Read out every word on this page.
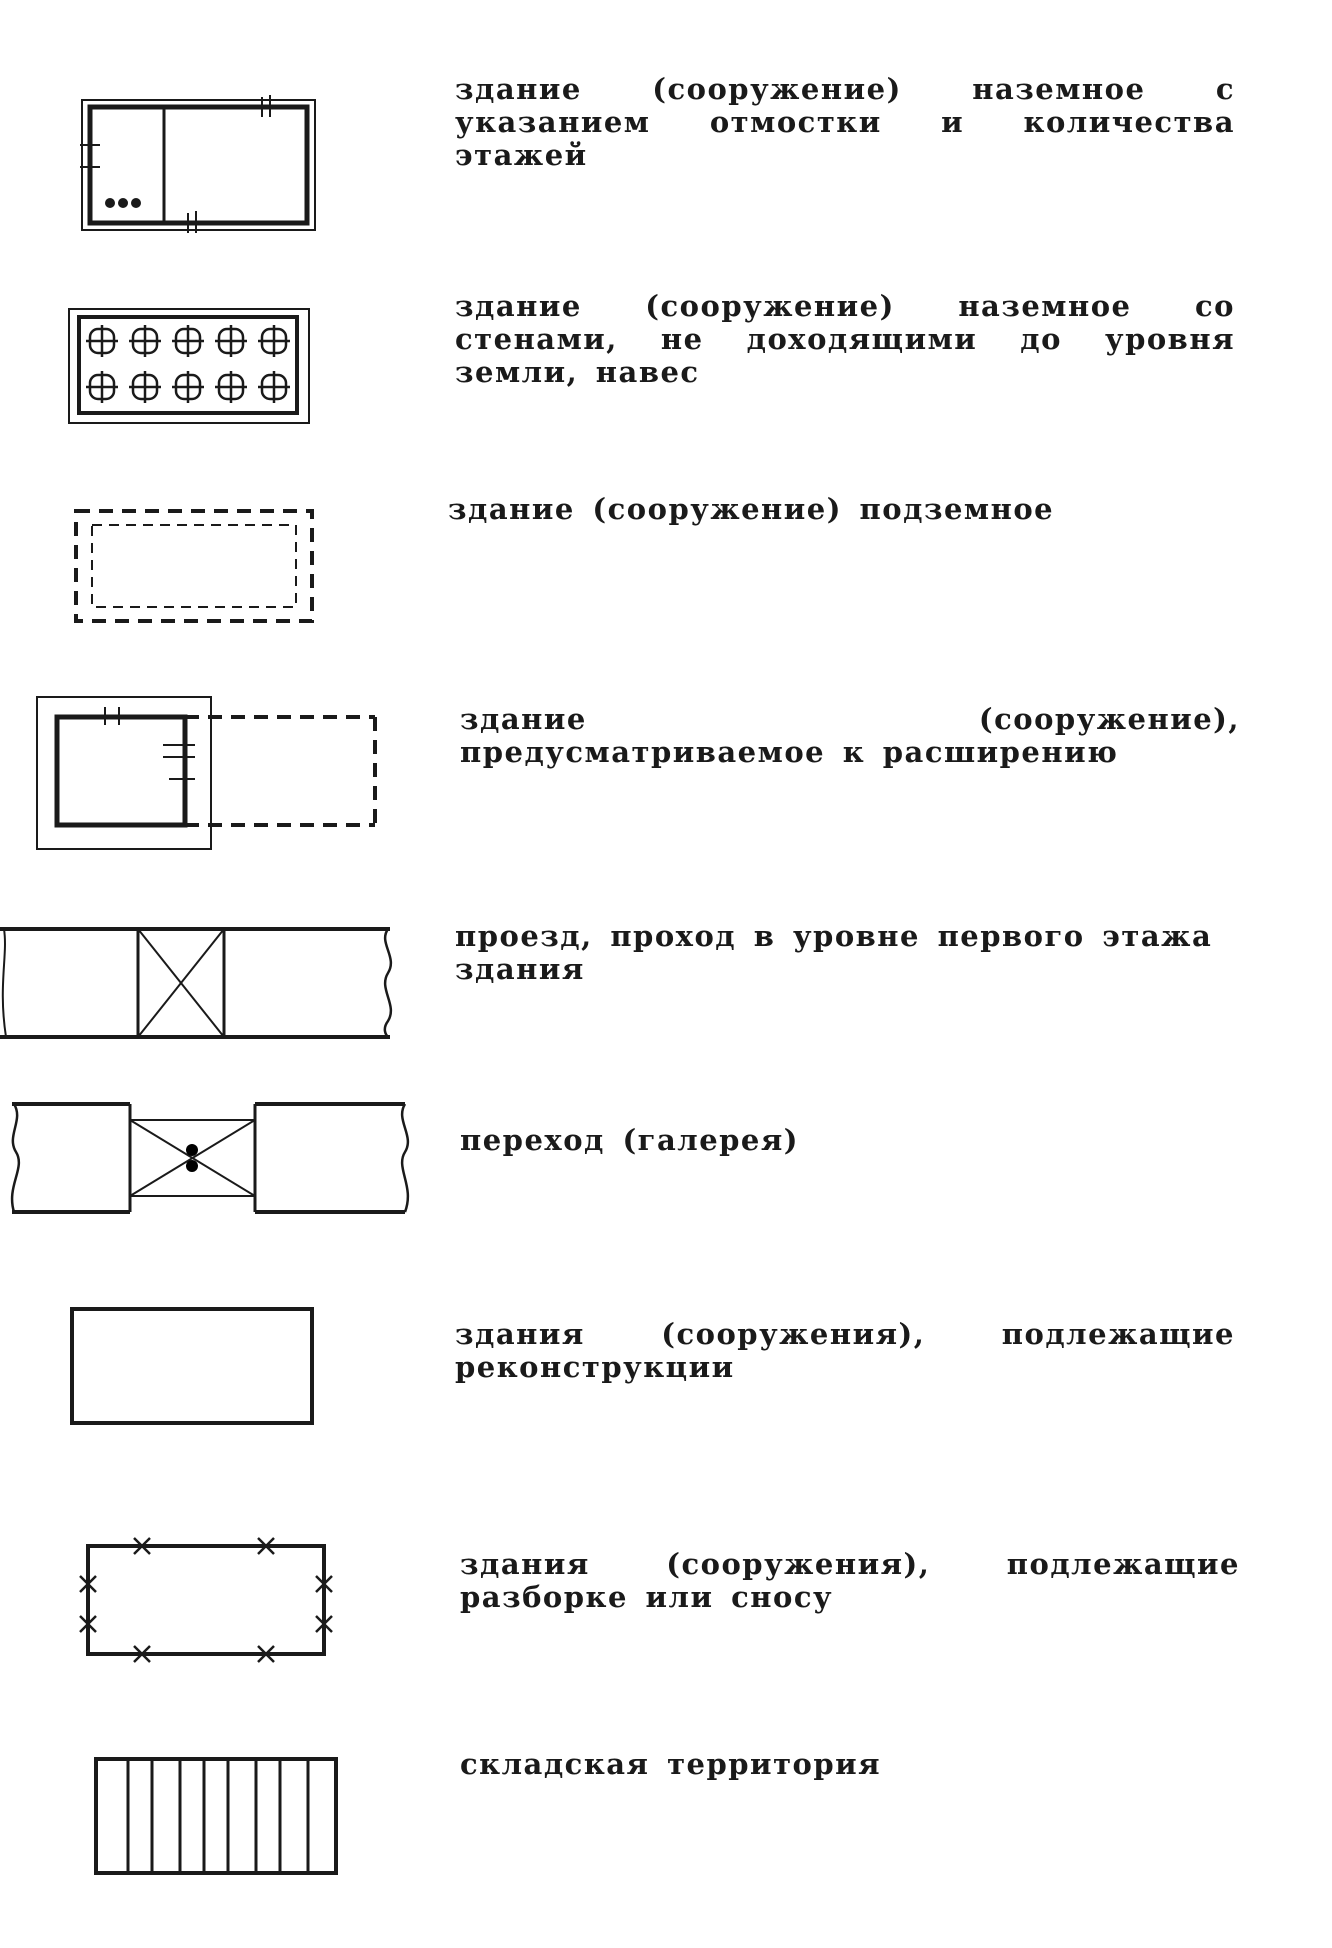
здание (сооружение) наземное с указанием отмостки и количества этажей
здание (сооружение) наземное со стенами, не доходящими до уровня земли, навес
здание (сооружение) подземное
здание (сооружение), предусматриваемое к расширению
проезд, проход в уровне первого этажа здания
переход (галерея)
здания (сооружения), подлежащие реконструкции
здания (сооружения), подлежащие разборке или сносу
складская территория
